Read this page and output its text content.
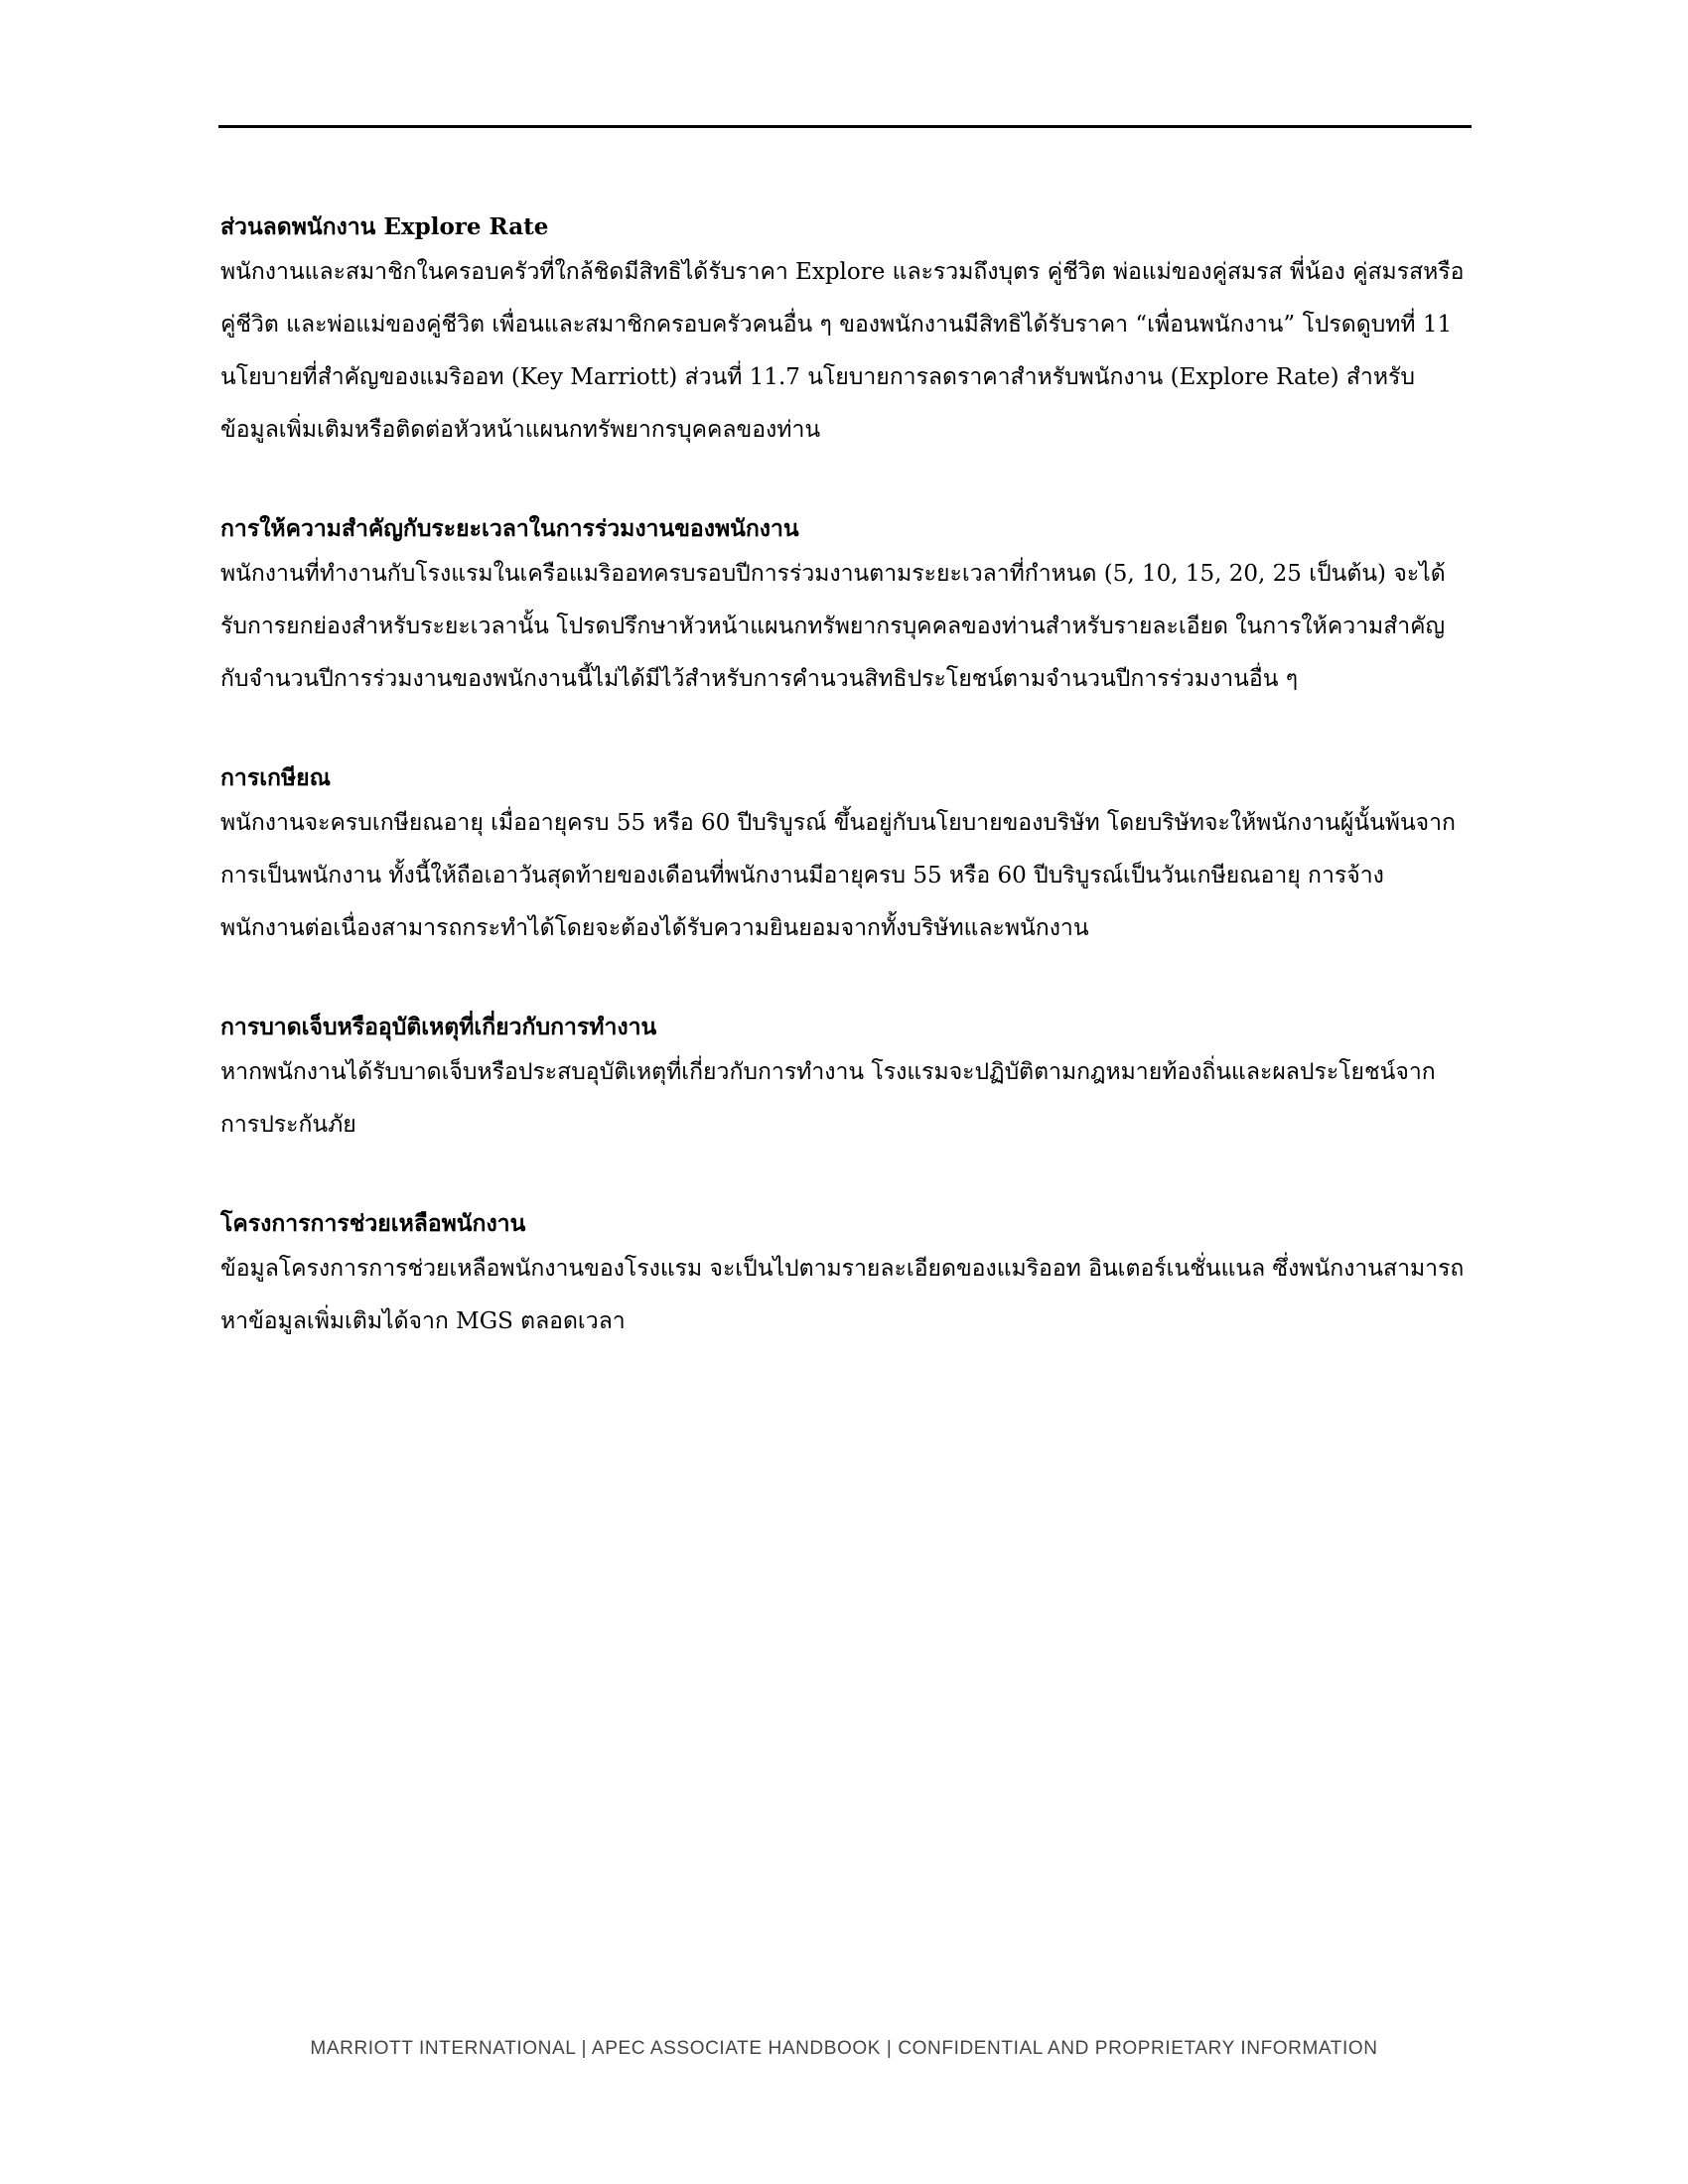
ส่วนลดพนักงาน Explore Rate

พนักงานและสมาชิกในครอบครัวที่ใกล้ชิดมีสิทธิได้รับราคา Explore และรวมถึงบุตร คู่ชีวิต พ่อแม่ของคู่สมรส พี่น้อง คู่สมรสหรือคู่ชีวิต และพ่อแม่ของคู่ชีวิต เพื่อนและสมาชิกครอบครัวคนอื่น ๆ ของพนักงานมีสิทธิได้รับราคา “เพื่อนพนักงาน” โปรดดูบทที่ 11 นโยบายที่สำคัญของแมริออท (Key Marriott) ส่วนที่ 11.7 นโยบายการลดราคาสำหรับพนักงาน (Explore Rate) สำหรับข้อมูลเพิ่มเติมหรือติดต่อหัวหน้าแผนกทรัพยากรบุคคลของท่าน

การให้ความสำคัญกับระยะเวลาในการร่วมงานของพนักงาน

พนักงานที่ทำงานกับโรงแรมในเครือแมริออทครบรอบปีการร่วมงานตามระยะเวลาที่กำหนด (5, 10, 15, 20, 25 เป็นต้น) จะได้รับการยกย่องสำหรับระยะเวลานั้น โปรดปรึกษาหัวหน้าแผนกทรัพยากรบุคคลของท่านสำหรับรายละเอียด ในการให้ความสำคัญกับจำนวนปีการร่วมงานของพนักงานนี้ไม่ได้มีไว้สำหรับการคำนวนสิทธิประโยชน์ตามจำนวนปีการร่วมงานอื่น ๆ

การเกษียณ

พนักงานจะครบเกษียณอายุ เมื่ออายุครบ 55 หรือ 60 ปีบริบูรณ์ ขึ้นอยู่กับนโยบายของบริษัท โดยบริษัทจะให้พนักงานผู้นั้นพ้นจากการเป็นพนักงาน ทั้งนี้ให้ถือเอาวันสุดท้ายของเดือนที่พนักงานมีอายุครบ 55 หรือ 60 ปีบริบูรณ์เป็นวันเกษียณอายุ การจ้างพนักงานต่อเนื่องสามารถกระทำได้โดยจะต้องได้รับความยินยอมจากทั้งบริษัทและพนักงาน

การบาดเจ็บหรืออุบัติเหตุที่เกี่ยวกับการทำงาน

หากพนักงานได้รับบาดเจ็บหรือประสบอุบัติเหตุที่เกี่ยวกับการทำงาน โรงแรมจะปฏิบัติตามกฎหมายท้องถิ่นและผลประโยชน์จากการประกันภัย

โครงการการช่วยเหลือพนักงาน

ข้อมูลโครงการการช่วยเหลือพนักงานของโรงแรม จะเป็นไปตามรายละเอียดของแมริออท อินเตอร์เนชั่นแนล ซึ่งพนักงานสามารถหาข้อมูลเพิ่มเติมได้จาก MGS ตลอดเวลา

MARRIOTT INTERNATIONAL | APEC ASSOCIATE HANDBOOK | CONFIDENTIAL AND PROPRIETARY INFORMATION
